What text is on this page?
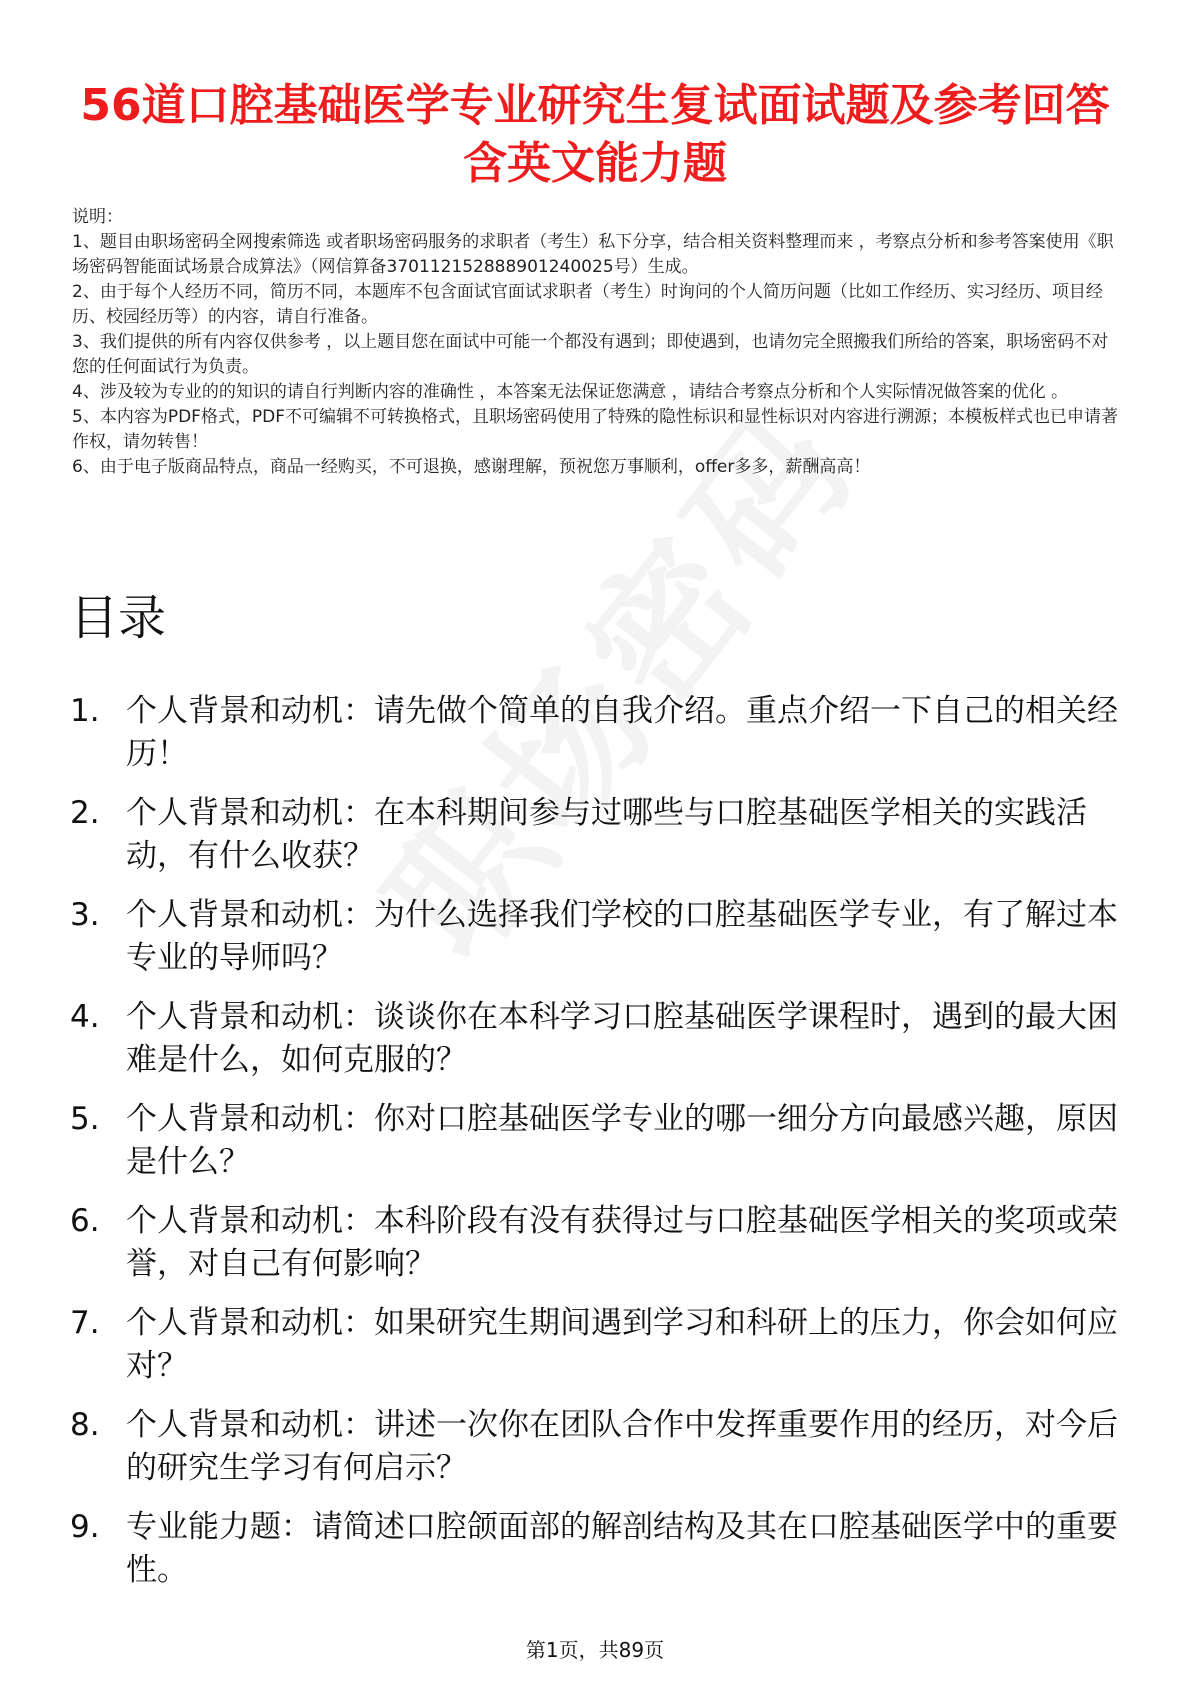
56道口腔基础医学专业研究生复试面试题及参考回答含英文能力题

说明：

1、题目由职场密码全网搜索筛选 或者职场密码服务的求职者（考生）私下分享，结合相关资料整理而来 ，考察点分析和参考答案使用《职场密码智能面试场景合成算法》（网信算备370112152888901240025号）生成。

2、由于每个人经历不同，简历不同，本题库不包含面试官面试求职者（考生）时询问的个人简历问题（比如工作经历、实习经历、项目经历、校园经历等）的内容，请自行准备。

3、我们提供的所有内容仅供参考 ，以上题目您在面试中可能一个都没有遇到；即使遇到，也请勿完全照搬我们所给的答案，职场密码不对您的任何面试行为负责。

4、涉及较为专业的的知识的请自行判断内容的准确性 ，本答案无法保证您满意 ，请结合考察点分析和个人实际情况做答案的优化 。

5、本内容为PDF格式，PDF不可编辑不可转换格式，且职场密码使用了特殊的隐性标识和显性标识对内容进行溯源；本模板样式也已申请著作权，请勿转售！

6、由于电子版商品特点，商品一经购买，不可退换，感谢理解，预祝您万事顺利，offer多多，薪酬高高！

目录
1. 个人背景和动机：请先做个简单的自我介绍。重点介绍一下自己的相关经历！
2. 个人背景和动机：在本科期间参与过哪些与口腔基础医学相关的实践活动，有什么收获？
3. 个人背景和动机：为什么选择我们学校的口腔基础医学专业，有了解过本专业的导师吗？
4. 个人背景和动机：谈谈你在本科学习口腔基础医学课程时，遇到的最大困难是什么，如何克服的？
5. 个人背景和动机：你对口腔基础医学专业的哪一细分方向最感兴趣，原因是什么？
6. 个人背景和动机：本科阶段有没有获得过与口腔基础医学相关的奖项或荣誉，对自己有何影响？
7. 个人背景和动机：如果研究生期间遇到学习和科研上的压力，你会如何应对？
8. 个人背景和动机：讲述一次你在团队合作中发挥重要作用的经历，对今后的研究生学习有何启示？
9. 专业能力题：请简述口腔颌面部的解剖结构及其在口腔基础医学中的重要性。
第1页，共89页
